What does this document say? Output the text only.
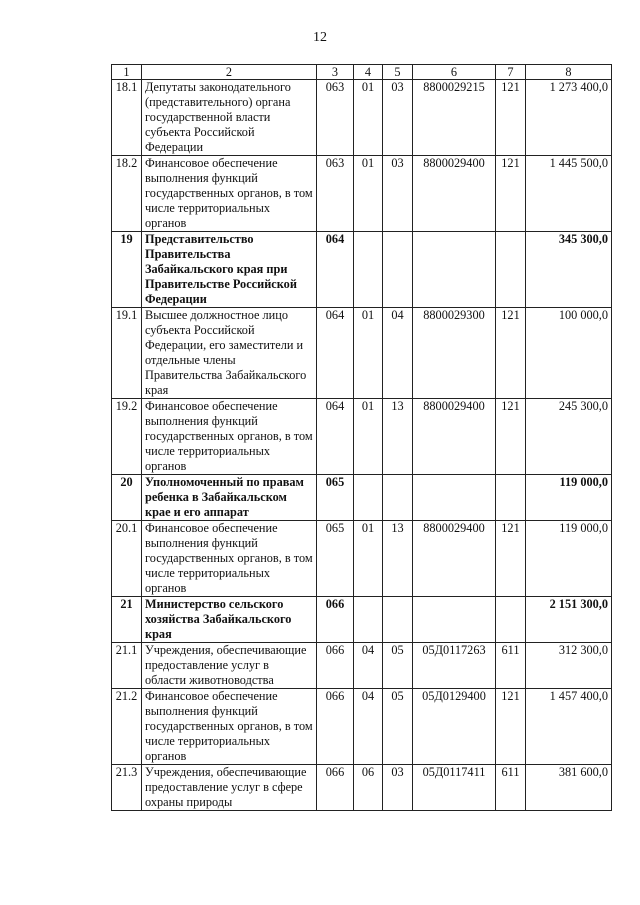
12
1	2	3	4	5	6	7	8
18.1	Депутаты законодательного (представительного) органа государственной власти субъекта Российской Федерации	063	01	03	8800029215	121	1 273 400,0
18.2	Финансовое обеспечение выполнения функций государственных органов, в том числе территориальных органов	063	01	03	8800029400	121	1 445 500,0
19	Представительство Правительства Забайкальского края при Правительстве Российской Федерации	064					345 300,0
19.1	Высшее должностное лицо субъекта Российской Федерации, его заместители и отдельные члены Правительства Забайкальского края	064	01	04	8800029300	121	100 000,0
19.2	Финансовое обеспечение выполнения функций государственных органов, в том числе территориальных органов	064	01	13	8800029400	121	245 300,0
20	Уполномоченный по правам ребенка в Забайкальском крае и его аппарат	065					119 000,0
20.1	Финансовое обеспечение выполнения функций государственных органов, в том числе территориальных органов	065	01	13	8800029400	121	119 000,0
21	Министерство сельского хозяйства Забайкальского края	066					2 151 300,0
21.1	Учреждения, обеспечивающие предоставление услуг в области животноводства	066	04	05	05Д0117263	611	312 300,0
21.2	Финансовое обеспечение выполнения функций государственных органов, в том числе территориальных органов	066	04	05	05Д0129400	121	1 457 400,0
21.3	Учреждения, обеспечивающие предоставление услуг в сфере охраны природы	066	06	03	05Д0117411	611	381 600,0
